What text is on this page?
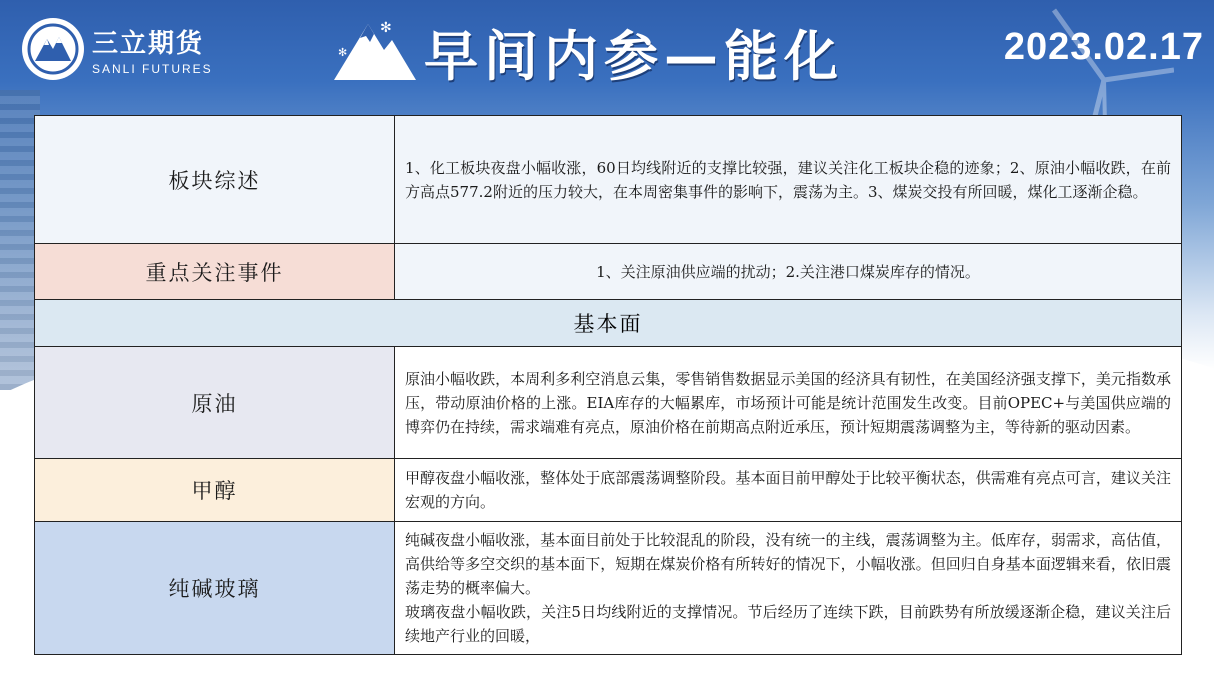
三立期货
SANLI FUTURES
✻
✻ 早间内参—能化	2023.02.17
板块综述	1、化工板块夜盘小幅收涨，60日均线附近的支撑比较强，建议关注化工板块企稳的迹象；2、原油小幅收跌，在前方高点577.2附近的压力较大，在本周密集事件的影响下，震荡为主。3、煤炭交投有所回暖，煤化工逐渐企稳。
重点关注事件	1、关注原油供应端的扰动；2.关注港口煤炭库存的情况。
基本面	
原油	原油小幅收跌，本周利多利空消息云集，零售销售数据显示美国的经济具有韧性，在美国经济强支撑下，美元指数承压，带动原油价格的上涨。EIA库存的大幅累库，市场预计可能是统计范围发生改变。目前OPEC+与美国供应端的博弈仍在持续，需求端难有亮点，原油价格在前期高点附近承压，预计短期震荡调整为主，等待新的驱动因素。
甲醇	甲醇夜盘小幅收涨，整体处于底部震荡调整阶段。基本面目前甲醇处于比较平衡状态，供需难有亮点可言，建议关注宏观的方向。
纯碱玻璃	纯碱夜盘小幅收涨，基本面目前处于比较混乱的阶段，没有统一的主线，震荡调整为主。低库存，弱需求，高估值，高供给等多空交织的基本面下，短期在煤炭价格有所转好的情况下，小幅收涨。但回归自身基本面逻辑来看，依旧震荡走势的概率偏大。
玻璃夜盘小幅收跌，关注5日均线附近的支撑情况。节后经历了连续下跌，目前跌势有所放缓逐渐企稳，建议关注后续地产行业的回暖，
